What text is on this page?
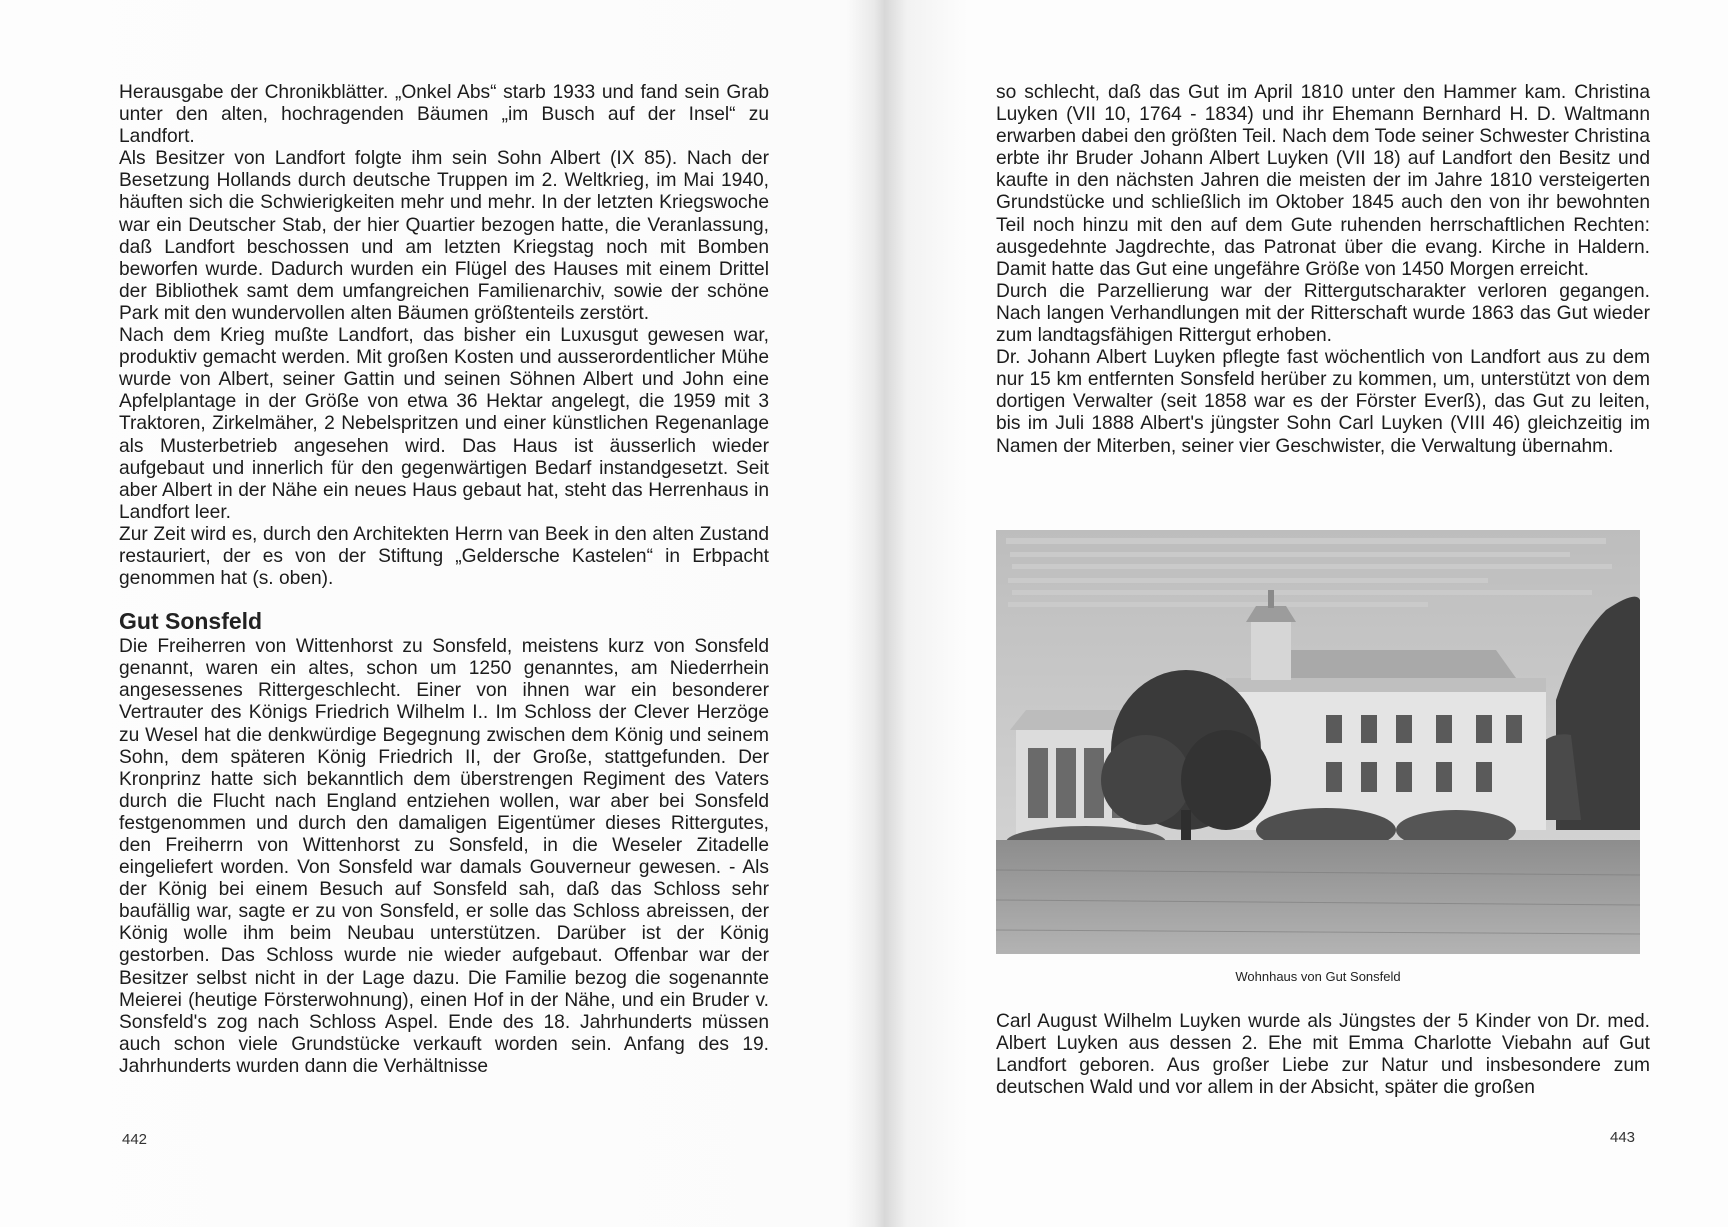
Herausgabe der Chronikblätter. „Onkel Abs“ starb 1933 und fand sein Grab unter den alten, hochragenden Bäumen „im Busch auf der Insel“ zu Landfort.

Als Besitzer von Landfort folgte ihm sein Sohn Albert (IX 85). Nach der Besetzung Hollands durch deutsche Truppen im 2. Weltkrieg, im Mai 1940, häuften sich die Schwierigkeiten mehr und mehr. In der letzten Kriegswoche war ein Deutscher Stab, der hier Quartier bezogen hatte, die Veranlassung, daß Landfort beschossen und am letzten Kriegstag noch mit Bomben beworfen wurde. Dadurch wurden ein Flügel des Hauses mit einem Drittel der Bibliothek samt dem umfangreichen Familienarchiv, sowie der schöne Park mit den wundervollen alten Bäumen größtenteils zerstört.

Nach dem Krieg mußte Landfort, das bisher ein Luxusgut gewesen war, produktiv gemacht werden. Mit großen Kosten und ausserordentlicher Mühe wurde von Albert, seiner Gattin und seinen Söhnen Albert und John eine Apfelplantage in der Größe von etwa 36 Hektar angelegt, die 1959 mit 3 Traktoren, Zirkelmäher, 2 Nebelspritzen und einer künstlichen Regenanlage als Musterbetrieb angesehen wird. Das Haus ist äusserlich wieder aufgebaut und innerlich für den gegenwärtigen Bedarf instandgesetzt. Seit aber Albert in der Nähe ein neues Haus gebaut hat, steht das Herrenhaus in Landfort leer.

Zur Zeit wird es, durch den Architekten Herrn van Beek in den alten Zustand restauriert, der es von der Stiftung „Geldersche Kastelen“ in Erbpacht genommen hat (s. oben).

Gut Sonsfeld

Die Freiherren von Wittenhorst zu Sonsfeld, meistens kurz von Sonsfeld genannt, waren ein altes, schon um 1250 genanntes, am Niederrhein angesessenes Rittergeschlecht. Einer von ihnen war ein besonderer Vertrauter des Königs Friedrich Wilhelm I.. Im Schloss der Clever Herzöge zu Wesel hat die denkwürdige Begegnung zwischen dem König und seinem Sohn, dem späteren König Friedrich II, der Große, stattgefunden. Der Kronprinz hatte sich bekanntlich dem überstrengen Regiment des Vaters durch die Flucht nach England entziehen wollen, war aber bei Sonsfeld festgenommen und durch den damaligen Eigentümer dieses Rittergutes, den Freiherrn von Wittenhorst zu Sonsfeld, in die Weseler Zitadelle eingeliefert worden. Von Sonsfeld war damals Gouverneur gewesen. - Als der König bei einem Besuch auf Sonsfeld sah, daß das Schloss sehr baufällig war, sagte er zu von Sonsfeld, er solle das Schloss abreissen, der König wolle ihm beim Neubau unterstützen. Darüber ist der König gestorben. Das Schloss wurde nie wieder aufgebaut. Offenbar war der Besitzer selbst nicht in der Lage dazu. Die Familie bezog die sogenannte Meierei (heutige Försterwohnung), einen Hof in der Nähe, und ein Bruder v. Sonsfeld's zog nach Schloss Aspel. Ende des 18. Jahrhunderts müssen auch schon viele Grundstücke verkauft worden sein. Anfang des 19. Jahrhunderts wurden dann die Verhältnisse

442

so schlecht, daß das Gut im April 1810 unter den Hammer kam. Christina Luyken (VII 10, 1764 - 1834) und ihr Ehemann Bernhard H. D. Waltmann erwarben dabei den größten Teil. Nach dem Tode seiner Schwester Christina erbte ihr Bruder Johann Albert Luyken (VII 18) auf Landfort den Besitz und kaufte in den nächsten Jahren die meisten der im Jahre 1810 versteigerten Grundstücke und schließlich im Oktober 1845 auch den von ihr bewohnten Teil noch hinzu mit den auf dem Gute ruhenden herrschaftlichen Rechten: ausgedehnte Jagdrechte, das Patronat über die evang. Kirche in Haldern. Damit hatte das Gut eine ungefähre Größe von 1450 Morgen erreicht.

Durch die Parzellierung war der Rittergutscharakter verloren gegangen. Nach langen Verhandlungen mit der Ritterschaft wurde 1863 das Gut wieder zum landtagsfähigen Rittergut erhoben.

Dr. Johann Albert Luyken pflegte fast wöchentlich von Landfort aus zu dem nur 15 km entfernten Sonsfeld herüber zu kommen, um, unterstützt von dem dortigen Verwalter (seit 1858 war es der Förster Everß), das Gut zu leiten, bis im Juli 1888 Albert's jüngster Sohn Carl Luyken (VIII 46) gleichzeitig im Namen der Miterben, seiner vier Geschwister, die Verwaltung übernahm.

Wohnhaus von Gut Sonsfeld

Carl August Wilhelm Luyken wurde als Jüngstes der 5 Kinder von Dr. med. Albert Luyken aus dessen 2. Ehe mit Emma Charlotte Viebahn auf Gut Landfort geboren. Aus großer Liebe zur Natur und insbesondere zum deutschen Wald und vor allem in der Absicht, später die großen

443
